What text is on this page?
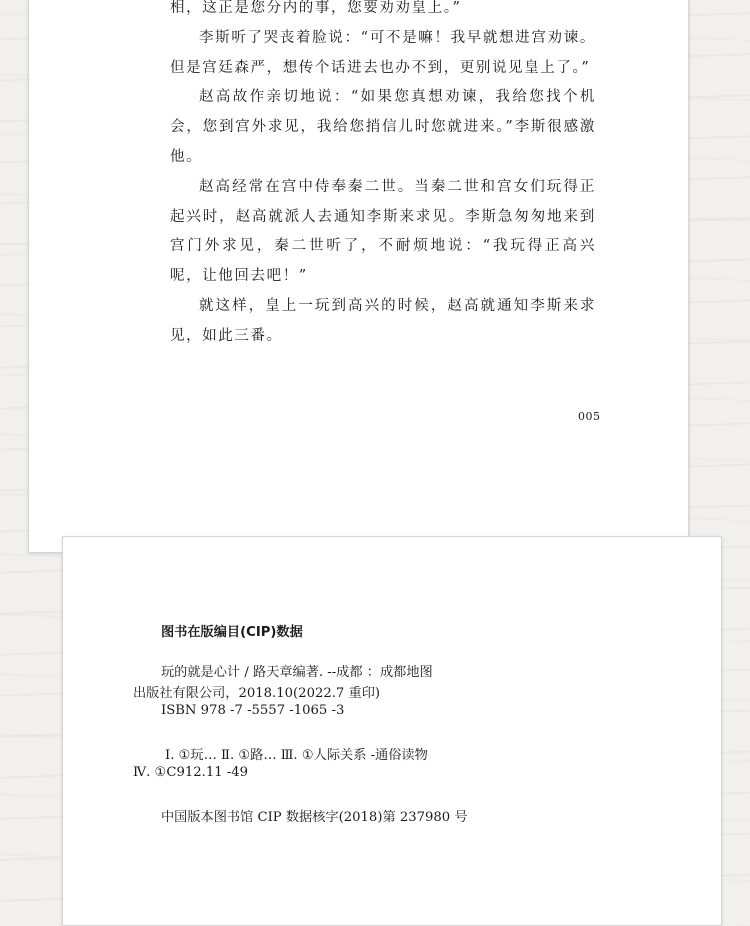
相，这正是您分内的事，您要劝劝皇上。”

李斯听了哭丧着脸说：“可不是嘛！我早就想进宫劝谏。但是宫廷森严，想传个话进去也办不到，更别说见皇上了。”

赵高故作亲切地说：“如果您真想劝谏，我给您找个机会，您到宫外求见，我给您捎信儿时您就进来。”李斯很感激他。

赵高经常在宫中侍奉秦二世。当秦二世和宫女们玩得正起兴时，赵高就派人去通知李斯来求见。李斯急匆匆地来到宫门外求见，秦二世听了，不耐烦地说：“我玩得正高兴呢，让他回去吧！”

就这样，皇上一玩到高兴的时候，赵高就通知李斯来求见，如此三番。

005
图书在版编目(CIP)数据
玩的就是心计 / 路天章编著. --成都 ：成都地图
出版社有限公司，2018.10(2022.7 重印)
ISBN 978 -7 -5557 -1065 -3
Ⅰ. ①玩… Ⅱ. ①路… Ⅲ. ①人际关系 -通俗读物
Ⅳ. ①C912.11 -49
中国版本图书馆 CIP 数据核字(2018)第 237980 号
